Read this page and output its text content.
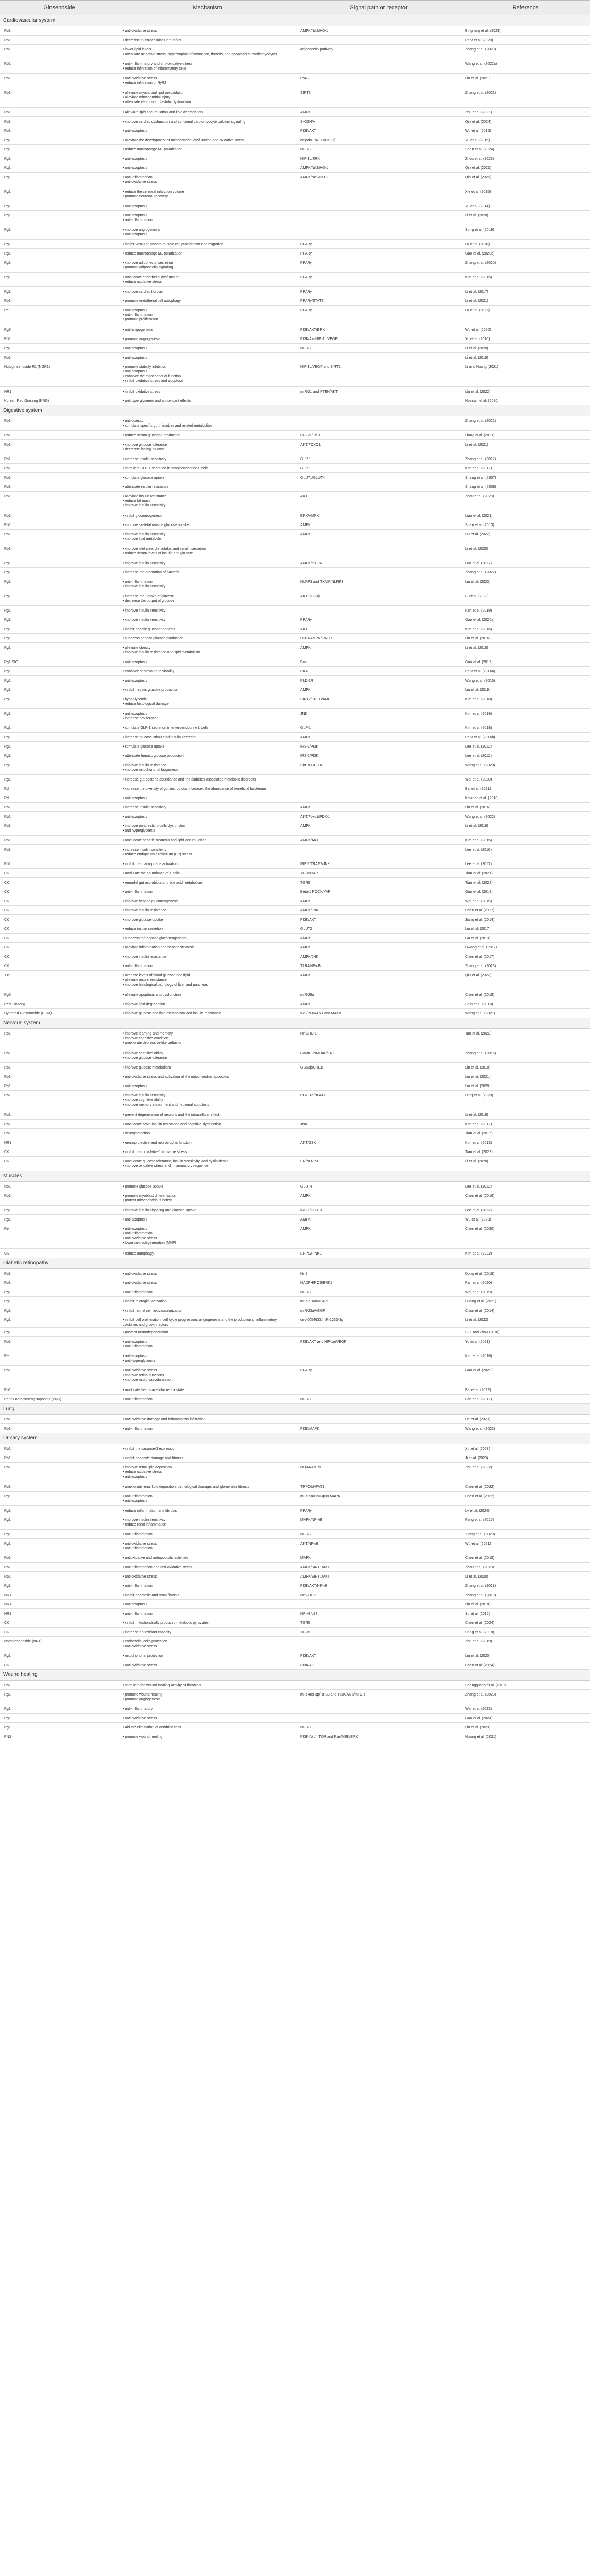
Ginsenoside	Mechanism	Signal path or receptor	Reference
Cardiovascular system			
Rb1	• anti-oxidative stress	AMPK/Nrf2/HO-1	Bingliang et al. (2023)
Rb1	• decrease in intracellular Ca²⁺ influx		Park et al. (2023)
Rb1	• lower lipid levels
• attenuate oxidative stress, hypertrophic inflammation, fibrosis, and apoptosis in cardiomyocytes	adiponectin pathway	Zhang et al. (2023)
Rb1	• anti-inflammatory and anti-oxidative stress
• reduce infiltration of inflammatory cells		Wang et al. (2022a)
Rb1	• anti-oxidative stress
• reduce infiltration of RyR2	RyR2	Liu et al. (2021)
Rb1	• alleviate myocardial lipid peroxidation
• alleviate mitochondrial injury
• attenuate ventricular diastolic dysfunction	SIRT3	Zhang et al. (2021)
Rb1	• Alleviate lipid accumulation and lipid degradation	AMPK	Zhu et al. (2021)
Rb1	• improve cardiac dysfunction and abnormal cardiomyocyte calcium signaling	S-GSH/A	Qin et al. (2024)
Rb1	• anti-apoptosis	PI3K/AKT	Wu et al. (2015)
Rg1	• alleviate the development of mitochondrial dysfunction and oxidative stress	calpain-1/ROS/PKC-β	Yu et al. (2016)
Rg1	• reduce macrophage M1 polarization	NF-κB	Shen et al. (2024)
Rg1	• anti-apoptosis	HIF-1α/ERK	Zhou et al. (2023)
Rg1	• anti-apoptosis	AMPK/Nrf2/HO-1	Qin et al. (2021)
Rg1	• anti-inflammation
• anti-oxidative stress	AMPK/Nrf2/HO-1	Qin et al. (2021)
Rg1	• reduce the cerebral infarction volume
• promote neuronal recovery		Xie et al. (2015)
Rg1	• anti-apoptosis		Yu et al. (2014)
Rg1	• anti-apoptosis
• anti-inflammation		Li et al. (2020)
Rg1	• improve angiogenesis
• anti-apoptosis		Song et al. (2019)
Rg1	• inhibit vascular smooth muscle cell proliferation and migration	PPARγ	Lu et al. (2016)
Rg1	• reduce macrophage M1 polarization	PPARγ	Gao et al. (2020b)
Rg1	• improve adiponectin secretion
• promote adiponectin signaling	PPARγ	Zhang et al. (2015)
Rg1	• ameliorate endothelial dysfunction
• reduce oxidative stress	PPARγ	Kim et al. (2015)
Rg1	• improve cardiac fibrosis	PPARγ	Li et al. (2017)
Rb1	• promote endothelial cell autophagy	PPARγ/STAT3	Li et al. (2021)
Re	• anti-apoptosis
• anti-inflammation
• promote proliferation	PPARγ	Lu et al. (2021)
Rg3	• anti-angiogenesis	PI3K/AKT/ERK	Wu et al. (2020)
Rb1	• promote angiogenesis	PI3K/Akt/HIF-1α/VEGF	Yu et al. (2016)
Rg1	• anti-apoptosis	NF-κB	Li et al. (2020)
Rb1	• anti-apoptosis		Li et al. (2019)
Notoginsenoside R1 (NGR1)	• promote stability inhibition
• anti-apoptosis
• enhance the mitochondrial function
• inhibit oxidative stress and apoptosis	HIF-1α/VEGF and SIRT1	Li and Huang (2021)
NR1	• inhibit oxidative stress	miR-21 and PTEN/AKT	Liu et al. (2022)
Korean Red Ginseng (KRG)	• antihyperglycemic and antioxidant effects		Hossain et al. (2020)
Digestive system			
Rb1	• anti-obesity
• stimulate specific gut microbes and related metabolites		Zhang et al. (2022)
Rb1	• reduce serum glucagon production	FGF21/IRS1	Liang et al. (2021)
Rb1	• improve glucose tolerance
• decrease fasting glucose	AKT/FOXO1	Li et al. (2021)
Rb1	• increase insulin sensitivity	GLP-1	Zhang et al. (2017)
Rb1	• stimulate GLP-1 secretion in enteroendocrine L cells	GLP-1	Kim et al. (2017)
Rb1	• stimulate glucose uptake	GLUT1/GLUT4	Shang et al. (2007)
Rb1	• attenuate insulin resistance		Shang et al. (2008)
Rb1	• alleviate insulin resistance
• reduce fat mass
• improve insulin sensitivity	AKT	Zhou et al. (2020)
Rb1	• inhibit gluconeogenesis	ERK/AMPK	Liao et al. (2021)
Rb1	• improve skeletal muscle glucose uptake	AMPK	Shen et al. (2013)
Rb1	• improve insulin sensitivity
• improve lipid metabolism	AMPK	Hu et al. (2022)
Rb1	• improve islet size, diet intake, and insulin secretion
• reduce serum levels of insulin and glucose		Li et al. (2020)
Rg1	• improve insulin sensitivity	AMPK/mTOR	Luo et al. (2017)
Rg1	• increase the proportion of bacteria		Zhang et al. (2022)
Rg1	• anti-inflammation
• improve insulin sensitivity	NLRP3 and TXNIP/NLRP3	Liu et al. (2023)
Rg1	• increase the uptake of glucose
• decrease the output of glucose	AKT/GSK3β	Bi et al. (2022)
Rg1	• improve insulin sensitivity		Fan et al. (2019)
Rg1	• improve insulin sensitivity	PPARγ	Gao et al. (2020a)
Rg1	• inhibit hepatic gluconeogenesis	AKT	Kim et al. (2016)
Rg1	• suppress hepatic glucose production	LKB1/AMPK/FoxO1	Liu et al. (2016)
Rg1	• alleviate obesity
• improve insulin resistance and lipid metabolism	AMPK	Li et al. (2018)
Rg1-SIO	• anti-apoptosis	Fas	Guo et al. (2017)
Rg1	• enhance secretion and viability	PKA	Park et al. (2016a)
Rg1	• anti-apoptosis	PLD-1R	Wang et al. (2016)
Rg1	• inhibit hepatic glucose production	AMPK	Liu et al. (2019)
Rg1	• hypoglycemic
• reduce histological damage	SIRT2/CREB/AMP	Kim et al. (2018)
Rg1	• anti-apoptosis
• increase proliferation	JNK	Kim et al. (2016)
Rg1	• stimulate GLP-1 secretion in enteroendocrine L cells	GLP-1	Kim et al. (2018)
Rg1	• increase glucose-stimulated insulin secretion	AMPK	Park et al. (2016b)
Rg1	• stimulate glucose uptake	IRS-1/PI3K	Lee et al. (2012)
Rg1	• attenuate hepatic glucose production	IRS-1/PI3K	Lee et al. (2012)
Rg1	• improve insulin resistance
• improve mitochondrial biogenesis	Sirt1/PGC-1α	Wang et al. (2020)
Rg1	• increase gut bacteria abundance and the diabetes-associated metabolic disorders		Wei et al. (2020)
Rd	• increase the diversity of gut microbiota, increased the abundance of beneficial bacterium		Bai et al. (2021)
Rd	• anti-apoptosis		Kovinen et al. (2010)
Rb1	• increase insulin sensitivity	AMPK	Liu et al. (2016)
Rb1	• anti-apoptosis	AKT/Foxo1/PDX-1	Wang et al. (2022)
Rb1	• improve pancreatic β-cells dysfunction
• and hyperglycemia	AMPK	Li et al. (2019)
Rb1	• ameliorate hepatic steatosis and lipid accumulation	AMPK/AKT	Kim et al. (2015)
Rb1	• increase insulin sensitivity
• reduce endoplasmic reticulum (ER) stress		Lee et al. (2016)
Rb1	• inhibit the macrophage activation	IRE-1/TRAF2/JNK	Lee et al. (2017)
CK	• modulate the abundance of L cells	TGR5/YAP	Tian et al. (2021)
CK	• remodel gut microbiota and bile acid metabolism	TGR5	Tian et al. (2022)
CK	• anti-inflammation	Beta-1 ROCK/YAP	Guo et al. (2018)
CK	• improve hepatic gluconeogenesis	AMPK	Wei et al. (2015)
CK	• improve insulin resistance	AMPK/JNK	Chen et al. (2017)
CK	• improve glucose uptake	PI3K/AKT	Jiang et al. (2014)
CK	• reduce insulin secretion	GLUT2	Liu et al. (2017)
CK	• suppress the hepatic gluconeogenesis	AMPK	Gu et al. (2013)
CK	• alleviate inflammation and hepatic steatosis	AMPK	Hwang et al. (2017)
CK	• improve insulin resistance	AMPK/JNK	Chen et al. (2017)
CK	• anti-inflammation	TLR4/NF-κB	Zhang et al. (2023)
T19	• alter the levels of blood glucose and lipid
• alleviate insulin resistance
• improve histological pathology of liver and pancreas	AMPK	Qiu et al. (2022)
Rg5	• alleviate apoptosis and dysfunction	miR-29a	Chen et al. (2019)
Red Ginseng	• improve lipid degradation	AMPK	Shin et al. (2018)
Hydrated Ginsenoside (HGM)	• improve glucose and lipid metabolism and insulin resistance	IRS/PI3K/AKT and MAPK	Wang et al. (2021)
Nervous system			
Rb1	• improve learning and memory
• improve cognitive condition
• ameliorate depressive-like behavior	Nrf2/HO-1	Tan et al. (2020)
Rb1	• improve cognitive ability
• improve glucose tolerance	CaMKII/NMDAR/ERK	Zhang et al. (2015)
Rb1	• improve glucose metabolism	GSK3β/CREB	Lin et al. (2018)
Rb1	• anti-oxidative stress and activation of the mitochondrial apoptosis		Liu et al. (2021)
Rb1	• anti-apoptosis		Liu et al. (2020)
Rb1	• improve insulin sensitivity
• improve cognitive ability
• improve memory impairment and neuronal apoptosis	PGC-1α/NFAT1	Ding et al. (2023)
Rb1	• prevent degeneration of neurons and the intracellular effect		Li et al. (2016)
Rb1	• ameliorate brain insulin resistance and cognitive dysfunction	JNK	Kim et al. (2017)
Rb1	• neuroprotection		Tian et al. (2015)
NR1	• neuroprotective and neurotrophic function	AKT/GSK	Kim et al. (2013)
CK	• inhibit brain oxidative/nitrosative stress		Tian et al. (2023)
CK	• ameliorate glucose tolerance, insulin sensitivity, and dyslipidemia
• improve oxidative stress and inflammatory response	ER/NLRP3	Li et al. (2020)
Muscles			
Rb1	• promote glucose uptake	GLUT4	Lee et al. (2012)
Rb1	• promote myoblast differentiation
• protect mitochondrial function	AMPK	Chen et al. (2016)
Rg1	• improve insulin signaling and glucose uptake	IRS-1/GLUT4	Lee et al. (2012)
Rg1	• anti-apoptosis	AMPK	Wu et al. (2020)
Re	• anti-apoptosis
• anti-inflammation
• anti-oxidative stress
• lower neurodegeneration (MNF)	AMPK	Chen et al. (2020)
CK	• reduce autophagy	ERPS/PINK1	Kim et al. (2022)
Diabetic retinopathy			
Rb1	• anti-oxidative stress	Nrf2	Dong et al. (2019)
Rb1	• anti-oxidative stress	NADPH/ROS/ERK1	Fan et al. (2020)
Rg1	• anti-inflammation	NF-κB	Wei et al. (2019)
Rg1	• inhibit microglial activation	miR-216a/KEAP1	Huang et al. (2021)
Rg1	• inhibit retinal cell neovascularization	miR-23a/VEGF	Chan et al. (2014)
Rg1	• inhibit cell proliferation, cell cycle progression, angiogenesis and the production of inflammatory cytokines and growth factors	circ-0054633/miR-1236-3p	Li et al. (2022)
Rg1	• prevent neurodegeneration		Sun and Zhou (2018)
Rb1	• anti-apoptosis
• anti-inflammation	PI3K/AKT and HIF-1α/VEGF	Yu et al. (2021)
Re	• anti-apoptosis
• anti-hyperglycemia		Kim et al. (2016)
Rb1	• anti-oxidative stress
• improve retinal functions
• improve micro vascularization	PPARγ	Gao et al. (2020)
Rb1	• modulate the intracellular redox state		Bai et al. (2022)
Panax notoginseng saponins (PNS)	• anti-inflammation	NF-κB	Fan et al. (2017)
Lung			
Rb1	• anti-oxidative damage and inflammatory infiltration		He et al. (2020)
Rb1	• anti-inflammation	PI3K/MAPK	Wang et al. (2022)
Urinary system			
Rb1	• inhibit the caspase-3 expression		Xu et al. (2023)
Rb1	• inhibit podocyte damage and fibrosis		Ji et al. (2023)
Rb1	• improve renal lipid deposition
• reduce oxidative stress
• anti-apoptosis	NOX4/AMPK	Zhu et al. (2022)
Rb1	• ameliorate renal lipid deposition, pathological damage, and glomerular fibrosis	TRPC6/NFAT1	Chen et al. (2022)
Rg1	• anti-inflammation
• anti-apoptosis	miR-23a/JNK/p38 MAPK	Chen et al. (2022)
Rg1	• reduce inflammation and fibrosis	PPARγ	Lv et al. (2024)
Rg1	• improve insulin sensitivity
• reduce renal inflammation	MAPK/NF-κB	Fang et al. (2017)
Rg1	• anti-inflammation	NF-κB	Xiang et al. (2020)
Rg1	• anti-oxidative stress
• anti-inflammation	AKT/NF-κB	Wu et al. (2021)
Rb1	• antioxidative and antiapoptotic activities	MAPK	Chen et al. (2018)
Rb1	• anti-inflammation and anti-oxidative stress	AMPK/SIRT1/AKT	Zhou et al. (2020)
Rb1	• anti-oxidative stress	AMPK/SIRT1/AKT	Li et al. (2020)
Rg1	• anti-inflammation	PI3K/AKT/NF-κB	Zhang et al. (2018)
NR1	• inhibit apoptosis and renal fibrosis	Nrf2/HO-1	Zhang et al. (2019)
NR1	• anti-apoptosis		Lin et al. (2018)
NR1	• anti-inflammation	NF-κB/p38	Su et al. (2015)
CK	• inhibit mitochondrially produced metabolic pyruvates	TGR5	Chen et al. (2024)
CK	• increase antioxidant capacity	TGR5	Song et al. (2018)
Notoginsenoside (NR1)	• endothelial cells protection
• anti-oxidative stress		Zhu et al. (2019)
Rg1	• mitochondrial protection	PI3K/AKT	Liu et al. (2020)
CK	• anti-oxidative stress	PI3K/AKT	Chen et al. (2024)
Wound healing			
Rb1	• stimulate the wound-healing activity of fibroblast		Shangguang et al. (2019)
Rg1	• promote wound healing
• promote angiogenesis	miR-409-3p/RPS3 and PI3K/AKT/mTOR	Zhang et al. (2023)
Rg1	• anti-inflammatory		Wei et al. (2023)
Rg1	• anti-oxidative stress		Gao et al. (2024)
Rg1	• Aid the elimination of dendritic cells	NF-κB	Liu et al. (2023)
PNS	• promote wound healing	PI3K-Akt/mTOR and Ras/MEK/ERK	Huang et al. (2021)
